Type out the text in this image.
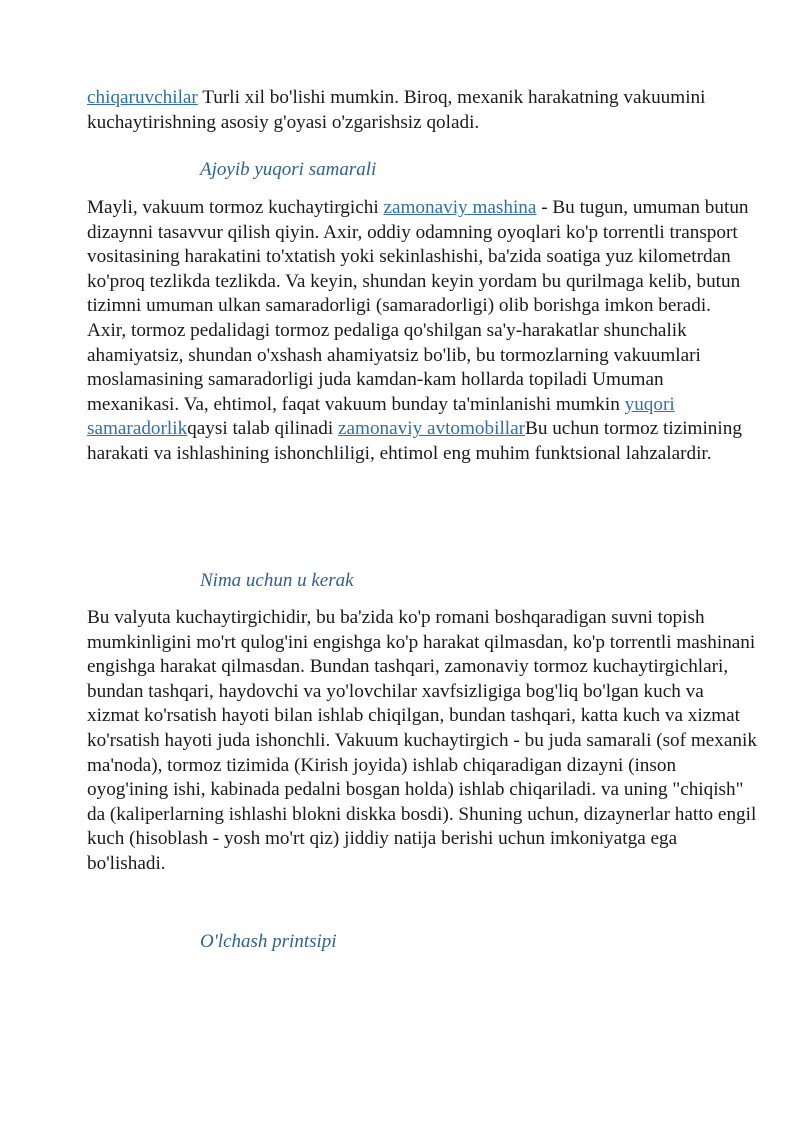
chiqaruvchilar Turli xil bo'lishi mumkin. Biroq, mexanik harakatning vakuumini kuchaytirishning asosiy g'oyasi o'zgarishsiz qoladi.

Ajoyib yuqori samarali

Mayli, vakuum tormoz kuchaytirgichi zamonaviy mashina - Bu tugun, umuman butun dizaynni tasavvur qilish qiyin. Axir, oddiy odamning oyoqlari ko'p torrentli transport vositasining harakatini to'xtatish yoki sekinlashishi, ba'zida soatiga yuz kilometrdan ko'proq tezlikda tezlikda. Va keyin, shundan keyin yordam bu qurilmaga kelib, butun tizimni umuman ulkan samaradorligi (samaradorligi) olib borishga imkon beradi.

Axir, tormoz pedalidagi tormoz pedaliga qo'shilgan sa'y-harakatlar shunchalik ahamiyatsiz, shundan o'xshash ahamiyatsiz bo'lib, bu tormozlarning vakuumlari moslamasining samaradorligi juda kamdan-kam hollarda topiladi Umuman mexanikasi. Va, ehtimol, faqat vakuum bunday ta'minlanishi mumkin yuqori samaradorlikqaysi talab qilinadi zamonaviy avtomobillarBu uchun tormoz tizimining harakati va ishlashining ishonchliligi, ehtimol eng muhim funktsional lahzalardir.

Nima uchun u kerak

Bu valyuta kuchaytirgichidir, bu ba'zida ko'p romani boshqaradigan suvni topish mumkinligini mo'rt qulog'ini engishga ko'p harakat qilmasdan, ko'p torrentli mashinani engishga harakat qilmasdan. Bundan tashqari, zamonaviy tormoz kuchaytirgichlari, bundan tashqari, haydovchi va yo'lovchilar xavfsizligiga bog'liq bo'lgan kuch va xizmat ko'rsatish hayoti bilan ishlab chiqilgan, bundan tashqari, katta kuch va xizmat ko'rsatish hayoti juda ishonchli. Vakuum kuchaytirgich - bu juda samarali (sof mexanik ma'noda), tormoz tizimida (Kirish joyida) ishlab chiqaradigan dizayni (inson oyog'ining ishi, kabinada pedalni bosgan holda) ishlab chiqariladi. va uning "chiqish" da (kaliperlarning ishlashi blokni diskka bosdi). Shuning uchun, dizaynerlar hatto engil kuch (hisoblash - yosh mo'rt qiz) jiddiy natija berishi uchun imkoniyatga ega bo'lishadi.

O'lchash printsipi
